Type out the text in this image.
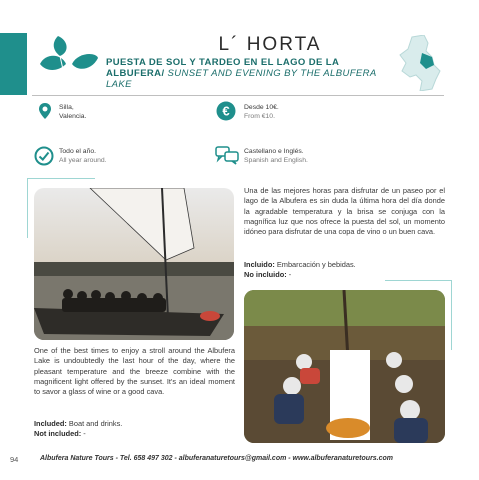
L´ HORTA
PUESTA DE SOL Y TARDEO EN EL LAGO DE LA ALBUFERA/ SUNSET AND EVENING BY THE ALBUFERA LAKE
Silla,
Valencia.	€ Desde 10€.
From €10.
Todo el año.
All year around.
Castellano e Inglés.
Spanish and English.
Una de las mejores horas para disfrutar de un paseo por el lago de la Albufera es sin duda la última hora del día donde la agradable temperatura y la brisa se conjuga con la magnífica luz que nos ofrece la puesta del sol, un momento idóneo para disfrutar de una copa de vino o un buen cava.
Incluido: Embarcación y bebidas.
No incluido: -
One of the best times to enjoy a stroll around the Albufera Lake is undoubtedly the last hour of the day, where the pleasant temperature and the breeze combine with the magnificent light offered by the sunset. It's an ideal moment to savor a glass of wine or a good cava.
Included: Boat and drinks.
Not included: -
94	Albufera Nature Tours - Tel. 658 497 302 - albuferanaturetours@gmail.com - www.albuferanaturetours.com
